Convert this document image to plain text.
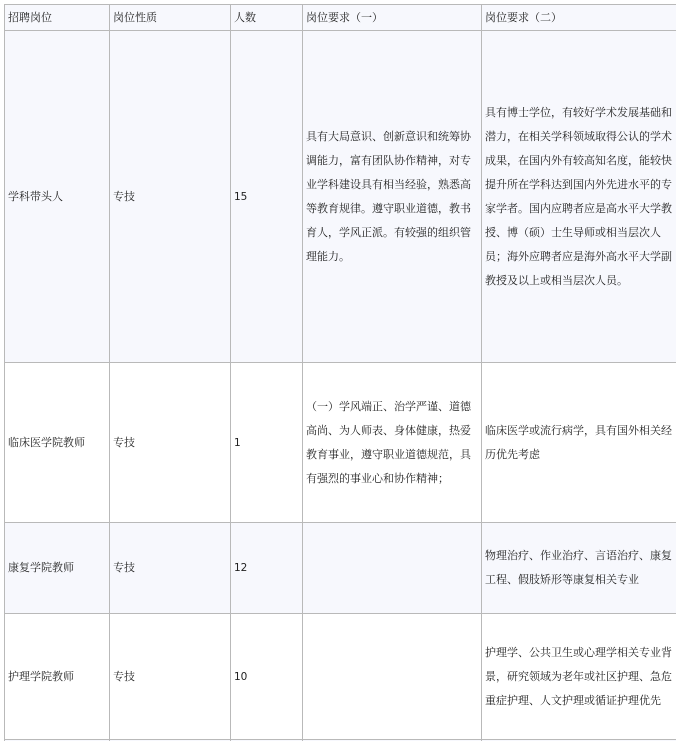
招聘岗位	岗位性质	人数	岗位要求（一）	岗位要求（二）
学科带头人	专技	15	具有大局意识、创新意识和统筹协调能力，富有团队协作精神，对专业学科建设具有相当经验，熟悉高等教育规律。遵守职业道德，教书育人，学风正派。有较强的组织管理能力。	具有博士学位，有较好学术发展基础和潜力，在相关学科领域取得公认的学术成果，在国内外有较高知名度，能较快提升所在学科达到国内外先进水平的专家学者。国内应聘者应是高水平大学教授、博（硕）士生导师或相当层次人员；海外应聘者应是海外高水平大学副教授及以上或相当层次人员。
临床医学院教师	专技	1	（一）学风端正、治学严谨、道德高尚、为人师表、身体健康，热爱教育事业，遵守职业道德规范，具有强烈的事业心和协作精神；	临床医学或流行病学，具有国外相关经历优先考虑
康复学院教师	专技	12		物理治疗、作业治疗、言语治疗、康复工程、假肢矫形等康复相关专业
护理学院教师	专技	10		护理学、公共卫生或心理学相关专业背景，研究领域为老年或社区护理、急危重症护理、人文护理或循证护理优先
